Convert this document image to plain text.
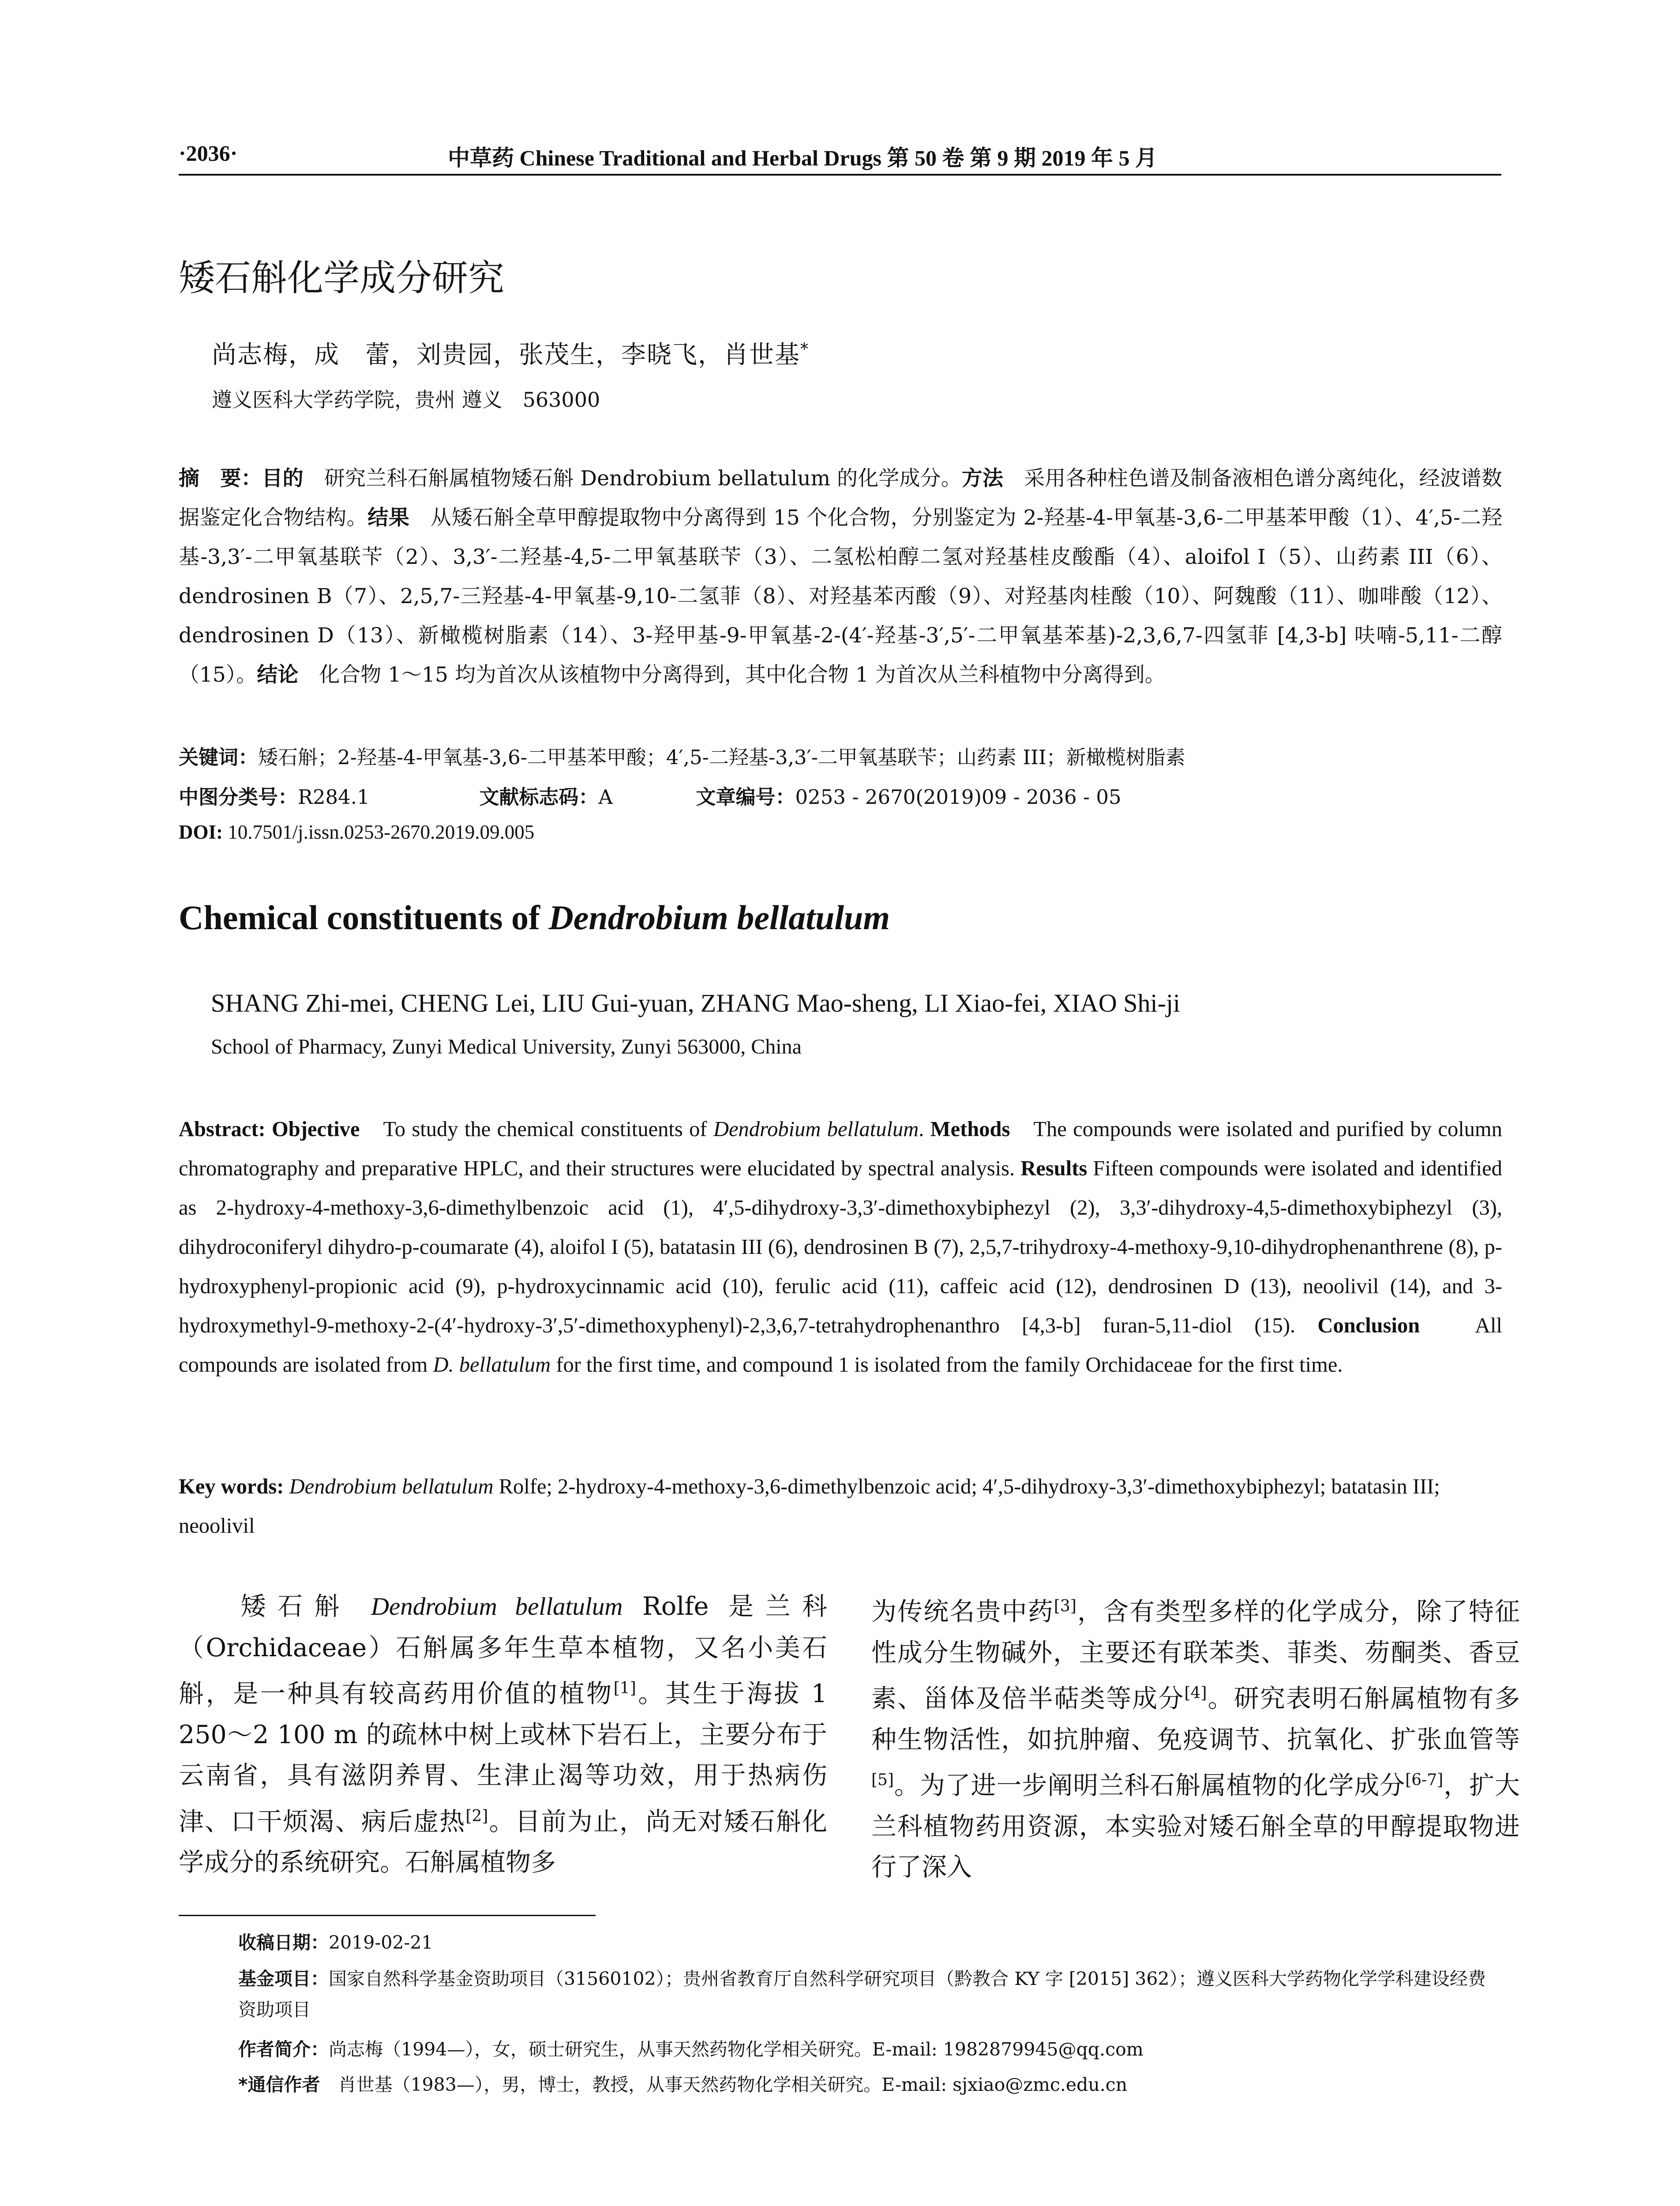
·2036·	中草药 Chinese Traditional and Herbal Drugs 第 50 卷 第 9 期 2019 年 5 月
矮石斛化学成分研究
尚志梅，成　蕾，刘贵园，张茂生，李晓飞，肖世基*
遵义医科大学药学院，贵州 遵义　563000
摘　要：目的　研究兰科石斛属植物矮石斛 Dendrobium bellatulum 的化学成分。方法　采用各种柱色谱及制备液相色谱分离纯化，经波谱数据鉴定化合物结构。结果　从矮石斛全草甲醇提取物中分离得到 15 个化合物，分别鉴定为 2-羟基-4-甲氧基-3,6-二甲基苯甲酸（1）、4′,5-二羟基-3,3′-二甲氧基联苄（2）、3,3′-二羟基-4,5-二甲氧基联苄（3）、二氢松柏醇二氢对羟基桂皮酸酯（4）、aloifol I（5）、山药素 III（6）、dendrosinen B（7）、2,5,7-三羟基-4-甲氧基-9,10-二氢菲（8）、对羟基苯丙酸（9）、对羟基肉桂酸（10）、阿魏酸（11）、咖啡酸（12）、dendrosinen D（13）、新橄榄树脂素（14）、3-羟甲基-9-甲氧基-2-(4′-羟基-3′,5′-二甲氧基苯基)-2,3,6,7-四氢菲 [4,3-b] 呋喃-5,11-二醇（15）。结论　化合物 1～15 均为首次从该植物中分离得到，其中化合物 1 为首次从兰科植物中分离得到。
关键词：矮石斛；2-羟基-4-甲氧基-3,6-二甲基苯甲酸；4′,5-二羟基-3,3′-二甲氧基联苄；山药素 III；新橄榄树脂素
中图分类号：R284.1	文献标志码：A	文章编号：0253 - 2670(2019)09 - 2036 - 05
DOI: 10.7501/j.issn.0253-2670.2019.09.005
Chemical constituents of Dendrobium bellatulum
SHANG Zhi-mei, CHENG Lei, LIU Gui-yuan, ZHANG Mao-sheng, LI Xiao-fei, XIAO Shi-ji
School of Pharmacy, Zunyi Medical University, Zunyi 563000, China
Abstract: Objective　To study the chemical constituents of Dendrobium bellatulum. Methods　The compounds were isolated and purified by column chromatography and preparative HPLC, and their structures were elucidated by spectral analysis. Results Fifteen compounds were isolated and identified as 2-hydroxy-4-methoxy-3,6-dimethylbenzoic acid (1), 4′,5-dihydroxy-3,3′-dimethoxybiphezyl (2), 3,3′-dihydroxy-4,5-dimethoxybiphezyl (3), dihydroconiferyl dihydro-p-coumarate (4), aloifol I (5), batatasin III (6), dendrosinen B (7), 2,5,7-trihydroxy-4-methoxy-9,10-dihydrophenanthrene (8), p-hydroxyphenyl-propionic acid (9), p-hydroxycinnamic acid (10), ferulic acid (11), caffeic acid (12), dendrosinen D (13), neoolivil (14), and 3-hydroxymethyl-9-methoxy-2-(4′-hydroxy-3′,5′-dimethoxyphenyl)-2,3,6,7-tetrahydrophenanthro [4,3-b] furan-5,11-diol (15). Conclusion　All compounds are isolated from D. bellatulum for the first time, and compound 1 is isolated from the family Orchidaceae for the first time.
Key words: Dendrobium bellatulum Rolfe; 2-hydroxy-4-methoxy-3,6-dimethylbenzoic acid; 4′,5-dihydroxy-3,3′-dimethoxybiphezyl; batatasin III; neoolivil
矮石斛 Dendrobium bellatulum Rolfe 是兰科（Orchidaceae）石斛属多年生草本植物，又名小美石斛，是一种具有较高药用价值的植物[1]。其生于海拔 1 250～2 100 m 的疏林中树上或林下岩石上，主要分布于云南省，具有滋阴养胃、生津止渴等功效，用于热病伤津、口干烦渴、病后虚热[2]。目前为止，尚无对矮石斛化学成分的系统研究。石斛属植物多
为传统名贵中药[3]，含有类型多样的化学成分，除了特征性成分生物碱外，主要还有联苯类、菲类、芴酮类、香豆素、甾体及倍半萜类等成分[4]。研究表明石斛属植物有多种生物活性，如抗肿瘤、免疫调节、抗氧化、扩张血管等[5]。为了进一步阐明兰科石斛属植物的化学成分[6-7]，扩大兰科植物药用资源，本实验对矮石斛全草的甲醇提取物进行了深入
收稿日期：2019-02-21
基金项目：国家自然科学基金资助项目（31560102）；贵州省教育厅自然科学研究项目（黔教合 KY 字 [2015] 362）；遵义医科大学药物化学学科建设经费资助项目
作者简介：尚志梅（1994—），女，硕士研究生，从事天然药物化学相关研究。E-mail: 1982879945@qq.com
*通信作者　肖世基（1983—），男，博士，教授，从事天然药物化学相关研究。E-mail: sjxiao@zmc.edu.cn
